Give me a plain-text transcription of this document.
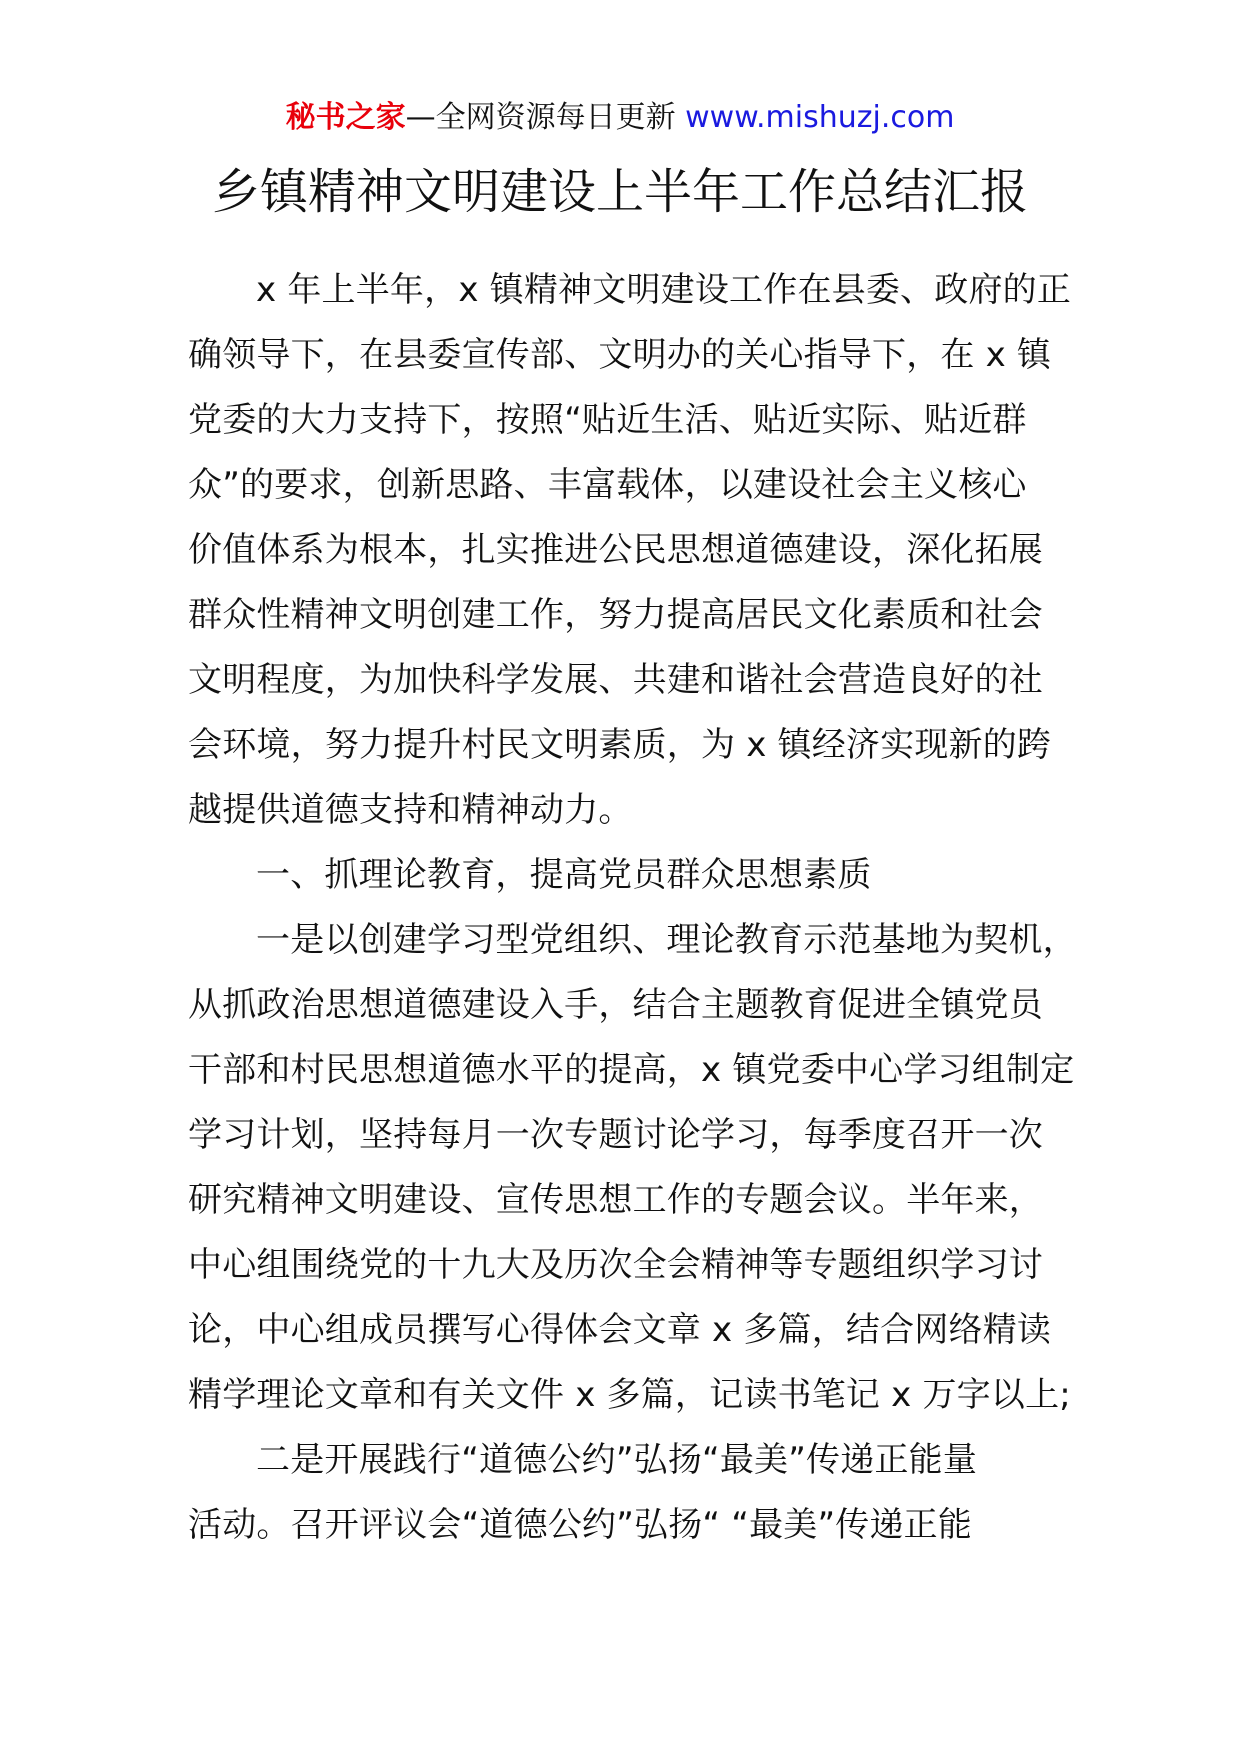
秘书之家—全网资源每日更新 www.mishuzj.com
乡镇精神文明建设上半年工作总结汇报
x 年上半年，x 镇精神文明建设工作在县委、政府的正
确领导下，在县委宣传部、文明办的关心指导下，在 x 镇
党委的大力支持下，按照“贴近生活、贴近实际、贴近群
众”的要求，创新思路、丰富载体，以建设社会主义核心
价值体系为根本，扎实推进公民思想道德建设，深化拓展
群众性精神文明创建工作，努力提高居民文化素质和社会
文明程度，为加快科学发展、共建和谐社会营造良好的社
会环境，努力提升村民文明素质，为 x 镇经济实现新的跨
越提供道德支持和精神动力。
一、抓理论教育，提高党员群众思想素质
一是以创建学习型党组织、理论教育示范基地为契机，
从抓政治思想道德建设入手，结合主题教育促进全镇党员
干部和村民思想道德水平的提高，x 镇党委中心学习组制定
学习计划，坚持每月一次专题讨论学习，每季度召开一次
研究精神文明建设、宣传思想工作的专题会议。半年来，
中心组围绕党的十九大及历次全会精神等专题组织学习讨
论，中心组成员撰写心得体会文章 x 多篇，结合网络精读
精学理论文章和有关文件 x 多篇，记读书笔记 x 万字以上;
二是开展践行“道德公约”弘扬“最美”传递正能量
活动。召开评议会“道德公约”弘扬“ “最美”传递正能
